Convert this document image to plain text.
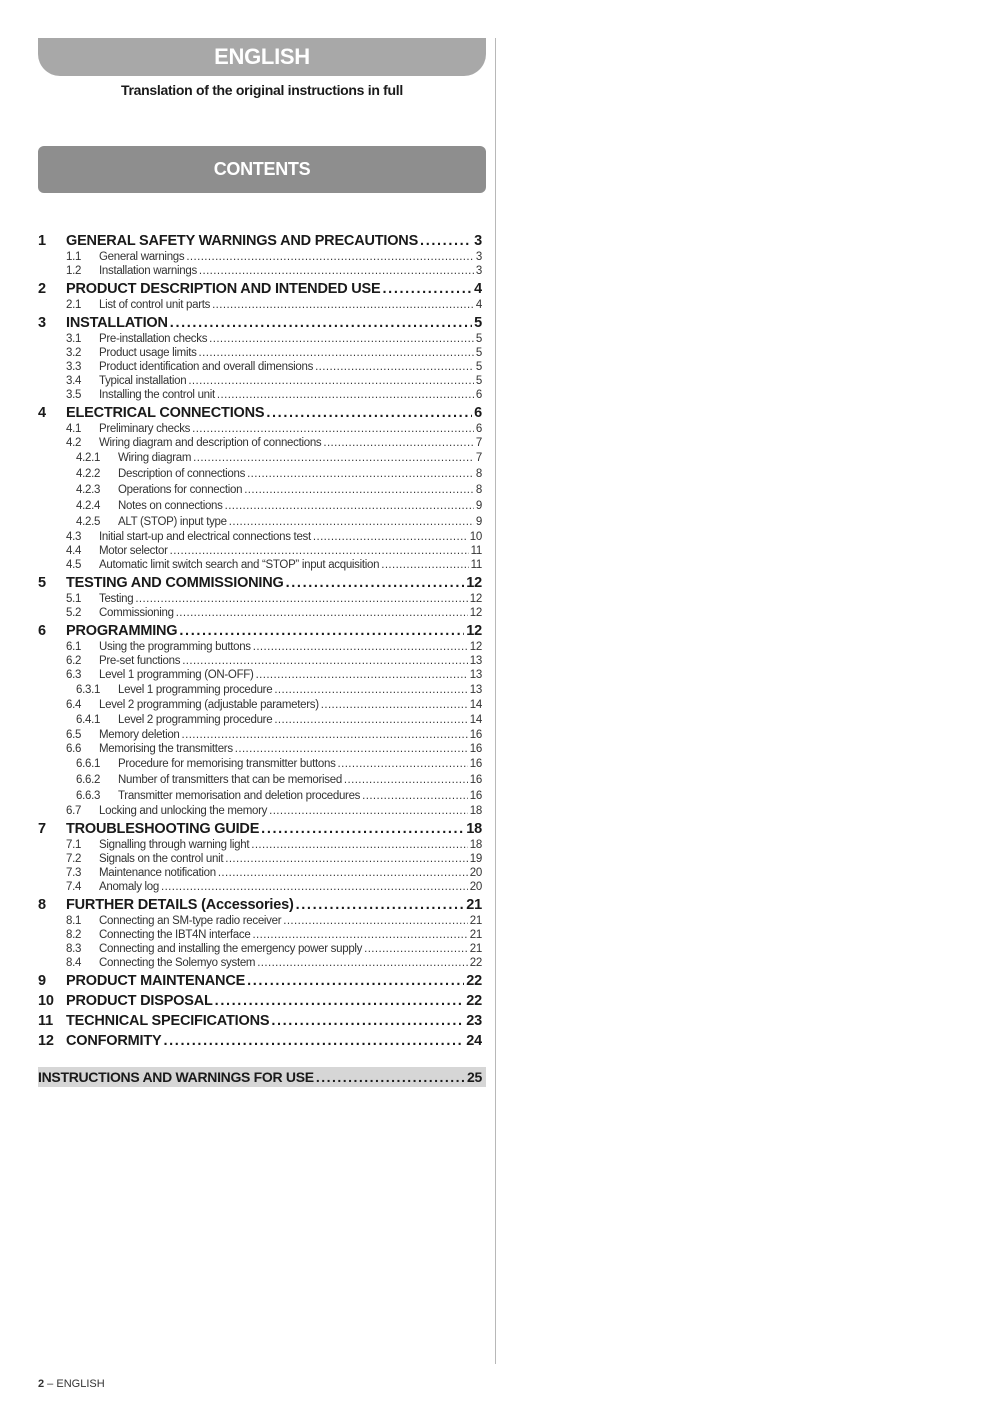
ENGLISH
Translation of the original instructions in full
CONTENTS
1	GENERAL SAFETY WARNINGS AND PRECAUTIONS . . .	3
1.1	General warnings . . .	3
1.2	Installation warnings . . .	3
2	PRODUCT DESCRIPTION AND INTENDED USE . . .	4
2.1	List of control unit parts . . .	4
3	INSTALLATION . . .	5
3.1	Pre-installation checks . . .	5
3.2	Product usage limits . . .	5
3.3	Product identification and overall dimensions . . .	5
3.4	Typical installation . . .	5
3.5	Installing the control unit . . .	6
4	ELECTRICAL CONNECTIONS . . .	6
4.1	Preliminary checks . . .	6
4.2	Wiring diagram and description of connections . . .	7
4.2.1	Wiring diagram . . .	7
4.2.2	Description of connections . . .	8
4.2.3	Operations for connection . . .	8
4.2.4	Notes on connections . . .	9
4.2.5	ALT (STOP) input type . . .	9
4.3	Initial start-up and electrical connections test . . .	10
4.4	Motor selector . . .	11
4.5	Automatic limit switch search and “STOP” input acquisition . . .	11
5	TESTING AND COMMISSIONING . . .	12
5.1	Testing . . .	12
5.2	Commissioning . . .	12
6	PROGRAMMING . . .	12
6.1	Using the programming buttons . . .	12
6.2	Pre-set functions . . .	13
6.3	Level 1 programming (ON-OFF) . . .	13
6.3.1	Level 1 programming procedure . . .	13
6.4	Level 2 programming (adjustable parameters) . . .	14
6.4.1	Level 2 programming procedure . . .	14
6.5	Memory deletion . . .	16
6.6	Memorising the transmitters . . .	16
6.6.1	Procedure for memorising transmitter buttons . . .	16
6.6.2	Number of transmitters that can be memorised . . .	16
6.6.3	Transmitter memorisation and deletion procedures . . .	16
6.7	Locking and unlocking the memory . . .	18
7	TROUBLESHOOTING GUIDE . . .	18
7.1	Signalling through warning light . . .	18
7.2	Signals on the control unit . . .	19
7.3	Maintenance notification . . .	20
7.4	Anomaly log . . .	20
8	FURTHER DETAILS (Accessories) . . .	21
8.1	Connecting an SM-type radio receiver . . .	21
8.2	Connecting the IBT4N interface . . .	21
8.3	Connecting and installing the emergency power supply . . .	21
8.4	Connecting the Solemyo system . . .	22
9	PRODUCT MAINTENANCE . . .	22
10 PRODUCT DISPOSAL . . .	22
11 TECHNICAL SPECIFICATIONS . . .	23
12 CONFORMITY . . .	24
INSTRUCTIONS AND WARNINGS FOR USE . . .	25
2 – ENGLISH
